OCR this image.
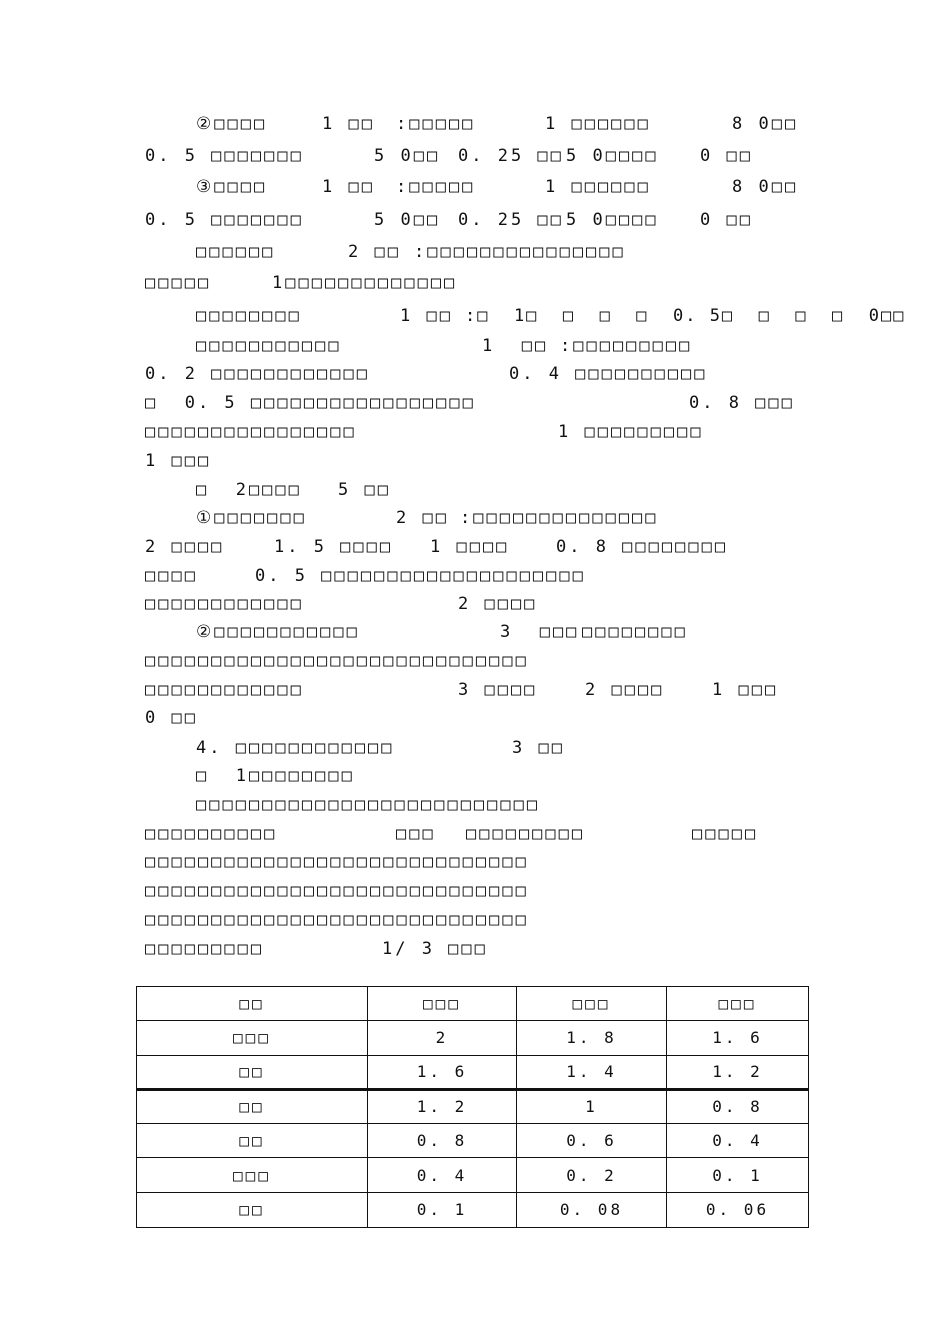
②□□□□	1 □□ :□□□□□	1 □□□□□□	8 0□□
0. 5 □□□□□□□	5 0□□ 0. 25 □□ 5 0□□□□ 0 □□
③□□□□	1 □□ :□□□□□	1 □□□□□□	8 0□□
0. 5 □□□□□□□	5 0□□ 0. 25 □□ 5 0□□□□ 0 □□
□□□□□□	2 □□ :□□□□□□□□□□□□□□□
□□□□□	1□□□□□□□□□□□□□
□□□□□□□□	1 □□ :□  1□  □  □  □  0. 5□  □  □  □  0□□
□□□□□□□□□□□	1  □□ :□□□□□□□□□
0. 2 □□□□□□□□□□□□	0. 4 □□□□□□□□□□
□  0. 5 □□□□□□□□□□□□□□□□□	0. 8 □□□
□□□□□□□□□□□□□□□□	1 □□□□□□□□□
1 □□□
□  2□□□□ 5 □□
①□□□□□□□	2 □□ :□□□□□□□□□□□□□□
2 □□□□	1. 5 □□□□ 1 □□□□	0. 8 □□□□□□□□
□□□□	0. 5 □□□□□□□□□□□□□□□□□□□□
□□□□□□□□□□□□	2 □□□□
②□□□□□□□□□□□	3  □□□ □□□□□□□□
□□□□□□□□□□□□□□□□□□□□□□□□□□□□□
□□□□□□□□□□□□	3 □□□□	2 □□□□	1 □□□
0 □□
4. □□□□□□□□□□□□	3 □□
□  1□□□□□□□□
□□□□□□□□□□□□□□□□□□□□□□□□□□
□□□□□□□□□□	□□□ □□□□□□□□□	□□□□□
□□□□□□□□□□□□□□□□□□□□□□□□□□□□□
□□□□□□□□□□□□□□□□□□□□□□□□□□□□□
□□□□□□□□□□□□□□□□□□□□□□□□□□□□□
□□□□□□□□□	1/ 3 □□□
□□	□□□	□□□	□□□
□□□	2	1. 8	1. 6
□□	1. 6	1. 4	1. 2
□□	1. 2	1	0. 8
□□	0. 8	0. 6	0. 4
□□□	0. 4	0. 2	0. 1
□□	0. 1	0. 08	0. 06
